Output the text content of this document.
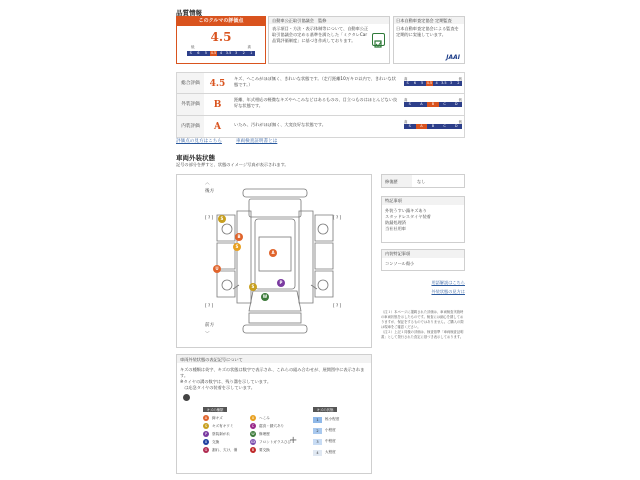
品質情報
このクルマの評価点
4.5
低	高
S	6	5	4.5	4	3.5	3	2	1
自動車公正取引協議会　監修
表示項目・方法・表示体制等について、自動車公正取引協議会の定める基準を満たした「ミクタレCar品質評価制度」に基づき作成しております。
日本自動車査定協会 定期監査
日本自動車査定協会による監査を定期的に実施しています。
JAAI
総合評価	4.5
キズ、へこみがほぼ無く、きれいな状態です。（走行距離10万キロ以内で、きれいな状態です。）
高	低
S	6	5 4.5 4 3.5 3	2
外装評価	B
距離、年式相応の軽微なキズやへこみなどはあるものの、目立つものはほとんどない良好な状態です。
高	低
S	A	B	C	D
内装評価	A	いたみ、汚れがほぼ無く、大変良好な状態です。	高	低
S	A	B	C	D
評価点の見方はこちら	車両検査証明書とは
車両外装状態
記号の部分を押すと、状態のイメージ写真が表示されます。
︿
後方
前方
﹀
[ ? ]	[ ? ]
[ ? ]	[ ? ]
S
B
S
U
A
P
S
W
修復歴	なし
特記事項
外装うすい錆キズあり
スタッドレスタイヤ装着
防錆処理済
当社社用車
内装特記事項
コンソール傷小
用語解説はこちら
外装状態の見方は
（注１）本ページに掲載された評価は、車両検査実施時の車両状態を示したものです。検査には細心を期しておりますが、保証をするものではありません。ご購入の際は現車をご確認ください。
（注２）上記１同様の評価は、検査基準「車両検査証明書」として発行された査定に基づき表示しております。
車両外装状態の表記記号について
キズの種類は英字、キズの状態は数字で表示され、これらの組み合わせが、展開図中に表示されます。
※タイヤの溝の数字は、残り溝を示しています。
　は応急タイヤの装着を示しています。
キズの種類
A	線キズ	U	へこみ
S	キズ有キワミ	C	腐食・錆穴あり
P	塗装剥がれ	W	修理歴
X	交換	XX フロントガラスひび
G	割れ、欠け、傷	B	要交換
+
キズの状態
1	極小程度
2	小程度
3	中程度
4	大程度
